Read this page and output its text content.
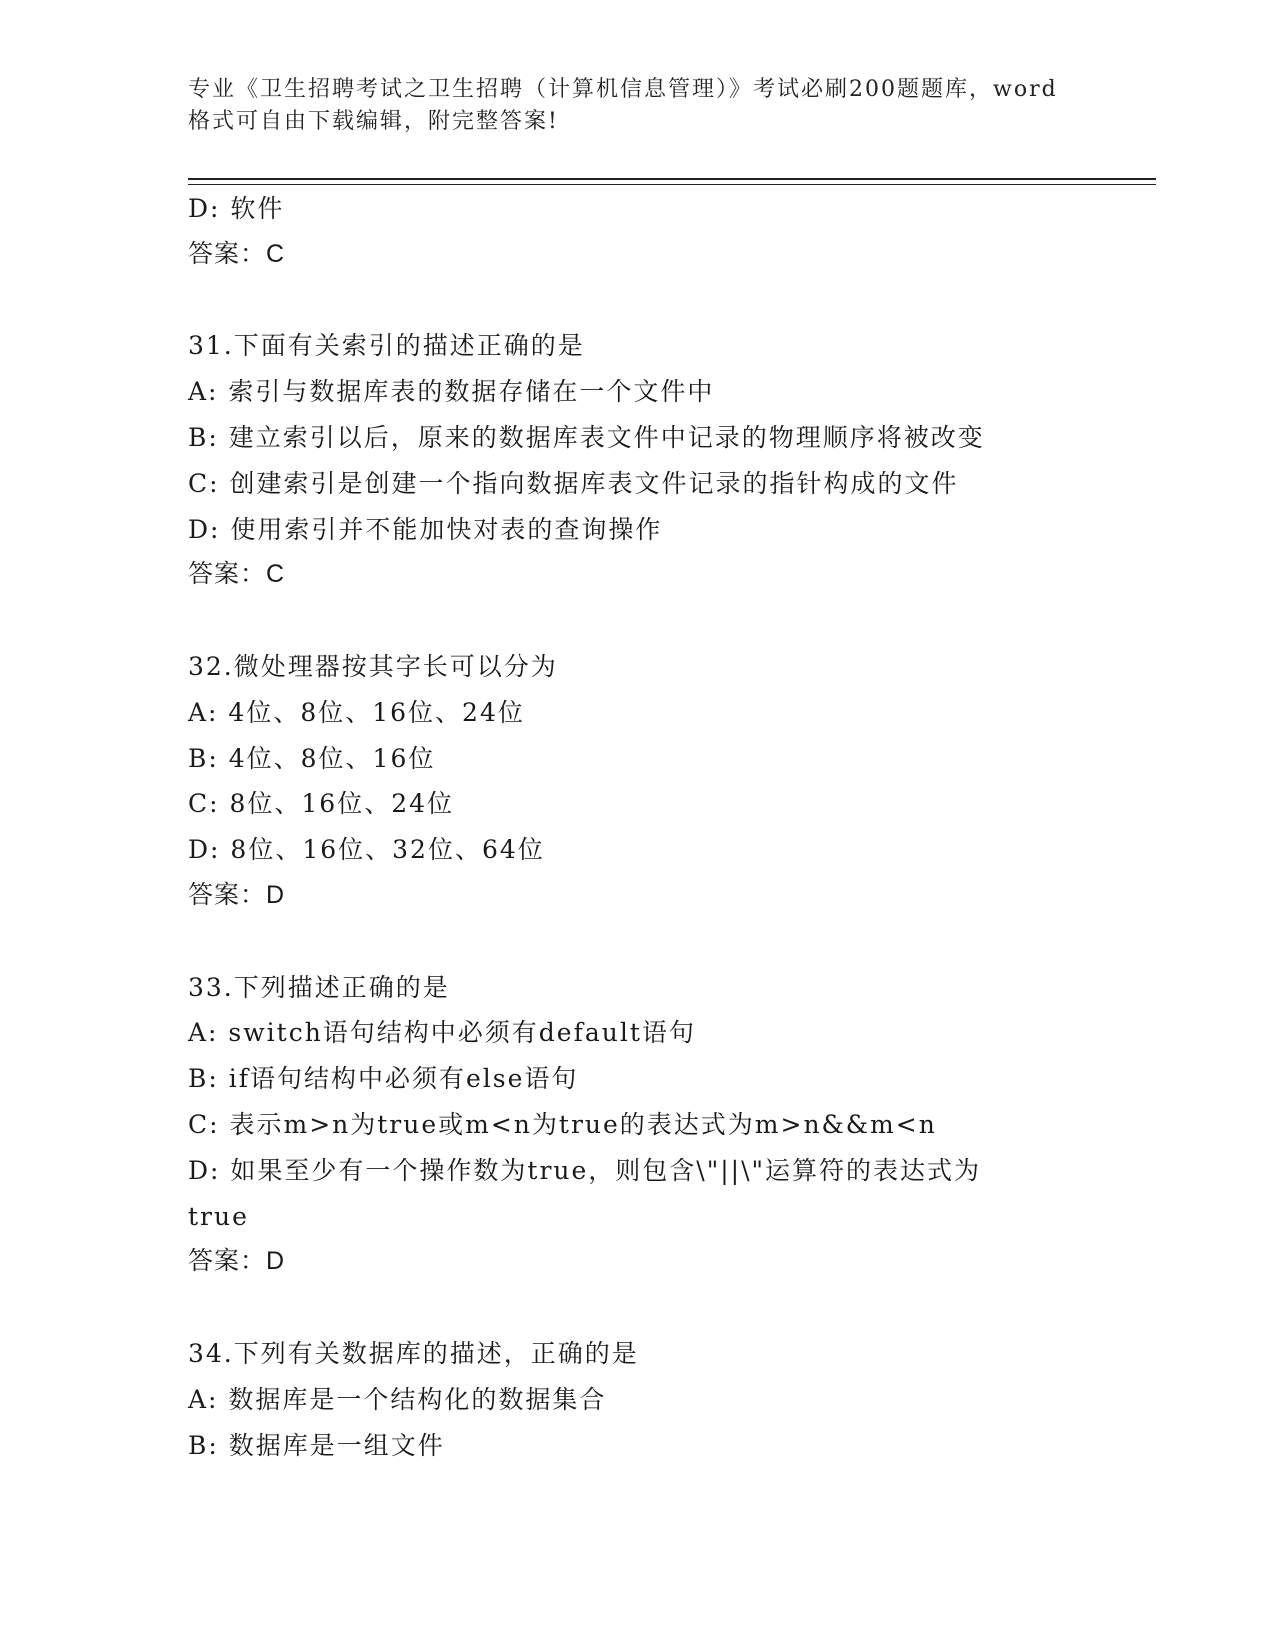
专业《卫生招聘考试之卫生招聘（计算机信息管理）》考试必刷200题题库，word
格式可自由下载编辑，附完整答案!
D: 软件
答案：C
31.下面有关索引的描述正确的是
A: 索引与数据库表的数据存储在一个文件中
B: 建立索引以后，原来的数据库表文件中记录的物理顺序将被改变
C: 创建索引是创建一个指向数据库表文件记录的指针构成的文件
D: 使用索引并不能加快对表的查询操作
答案：C
32.微处理器按其字长可以分为
A: 4位、8位、16位、24位
B: 4位、8位、16位
C: 8位、16位、24位
D: 8位、16位、32位、64位
答案：D
33.下列描述正确的是
A: switch语句结构中必须有default语句
B: if语句结构中必须有else语句
C: 表示m>n为true或m<n为true的表达式为m>n&&m<n
D: 如果至少有一个操作数为true，则包含\"||\"运算符的表达式为true
答案：D
34.下列有关数据库的描述，正确的是
A: 数据库是一个结构化的数据集合
B: 数据库是一组文件
